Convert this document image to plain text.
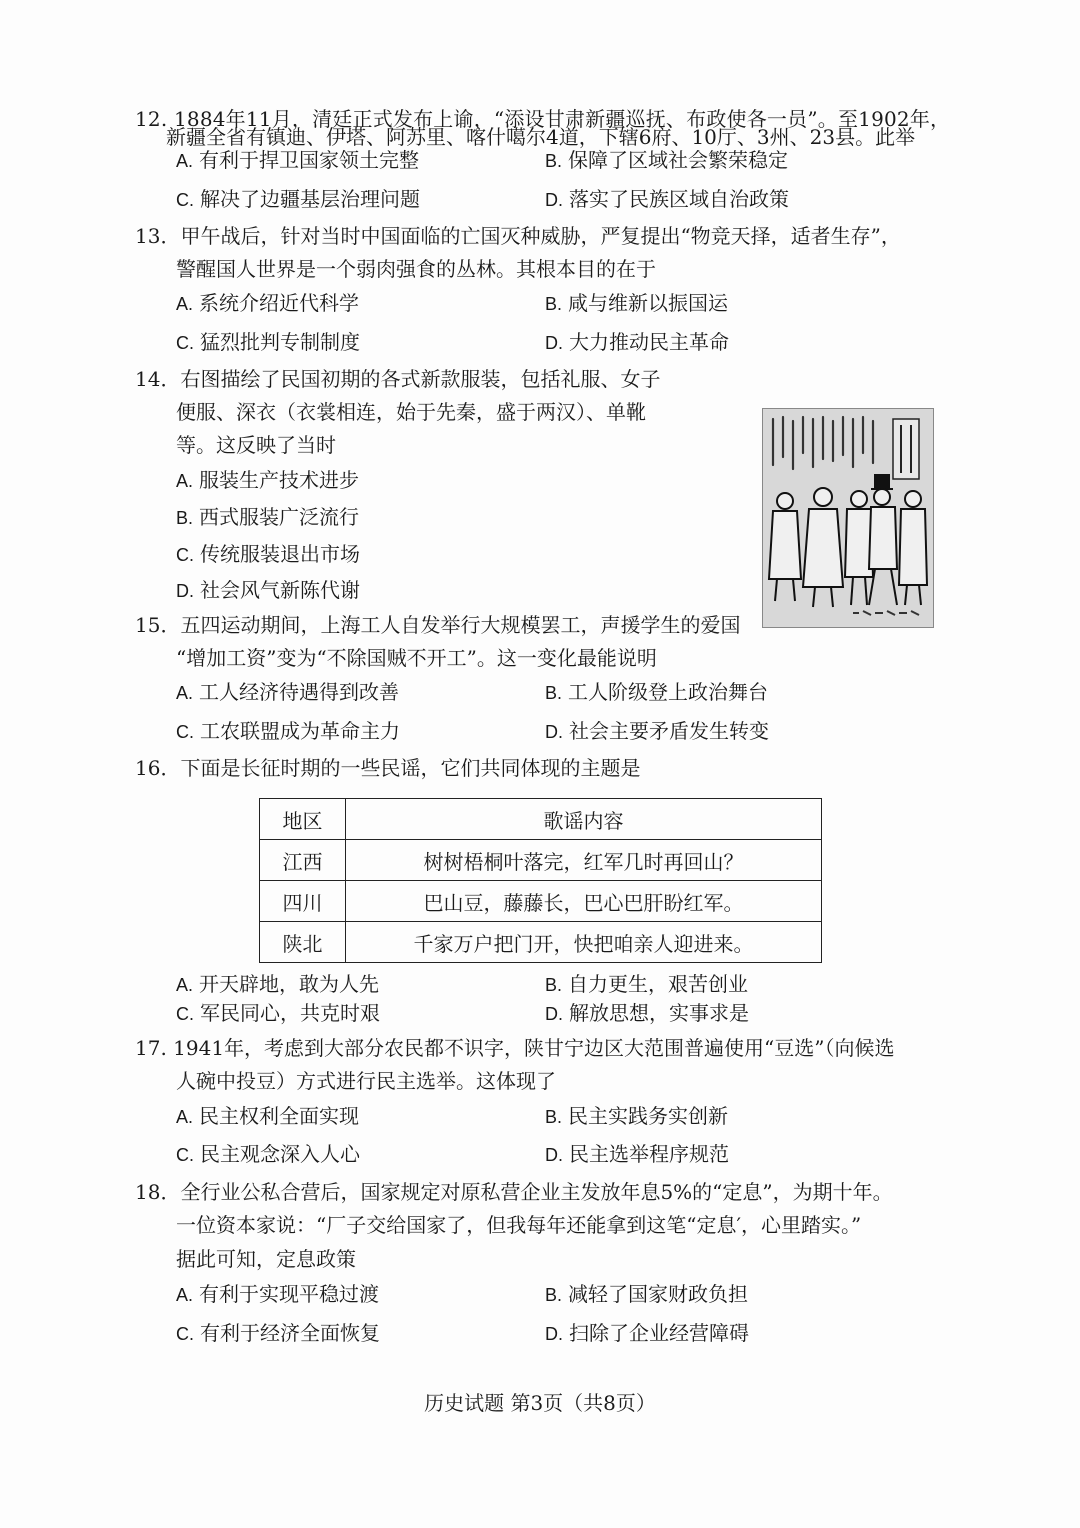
12. 1884年11月，清廷正式发布上谕，“添设甘肃新疆巡抚、布政使各一员”。至1902年，
新疆全省有镇迪、伊塔、阿苏里、喀什噶尔4道，下辖6府、10厅、3州、23县。此举
A. 有利于捍卫国家领土完整	B. 保障了区域社会繁荣稳定
C. 解决了边疆基层治理问题	D. 落实了民族区域自治政策
13．甲午战后，针对当时中国面临的亡国灭种威胁，严复提出“物竞天择，适者生存”，
警醒国人世界是一个弱肉强食的丛林。其根本目的在于
A. 系统介绍近代科学	B. 咸与维新以振国运
C. 猛烈批判专制制度	D. 大力推动民主革命
14．右图描绘了民国初期的各式新款服装，包括礼服、女子
便服、深衣（衣裳相连，始于先秦，盛于两汉）、单靴
等。这反映了当时
A. 服装生产技术进步
B. 西式服装广泛流行
C. 传统服装退出市场
D. 社会风气新陈代谢
15．五四运动期间，上海工人自发举行大规模罢工，声援学生的爱国
“增加工资”变为“不除国贼不开工”。这一变化最能说明
A. 工人经济待遇得到改善	B. 工人阶级登上政治舞台
C. 工农联盟成为革命主力	D. 社会主要矛盾发生转变
16．下面是长征时期的一些民谣，它们共同体现的主题是
地区	歌谣内容
江西	树树梧桐叶落完，红军几时再回山？
四川	巴山豆，藤藤长，巴心巴肝盼红军。
陕北	千家万户把门开，快把咱亲人迎进来。
A. 开天辟地，敢为人先	B. 自力更生，艰苦创业
C. 军民同心，共克时艰	D. 解放思想，实事求是
17. 1941年，考虑到大部分农民都不识字，陕甘宁边区大范围普遍使用“豆选”（向候选
人碗中投豆）方式进行民主选举。这体现了
A. 民主权利全面实现	B. 民主实践务实创新
C. 民主观念深入人心	D. 民主选举程序规范
18．全行业公私合营后，国家规定对原私营企业主发放年息5%的“定息”，为期十年。
一位资本家说：“厂子交给国家了，但我每年还能拿到这笔“定息′，心里踏实。”
据此可知，定息政策
A. 有利于实现平稳过渡	B. 减轻了国家财政负担
C. 有利于经济全面恢复	D. 扫除了企业经营障碍
历史试题 第3页（共8页）
